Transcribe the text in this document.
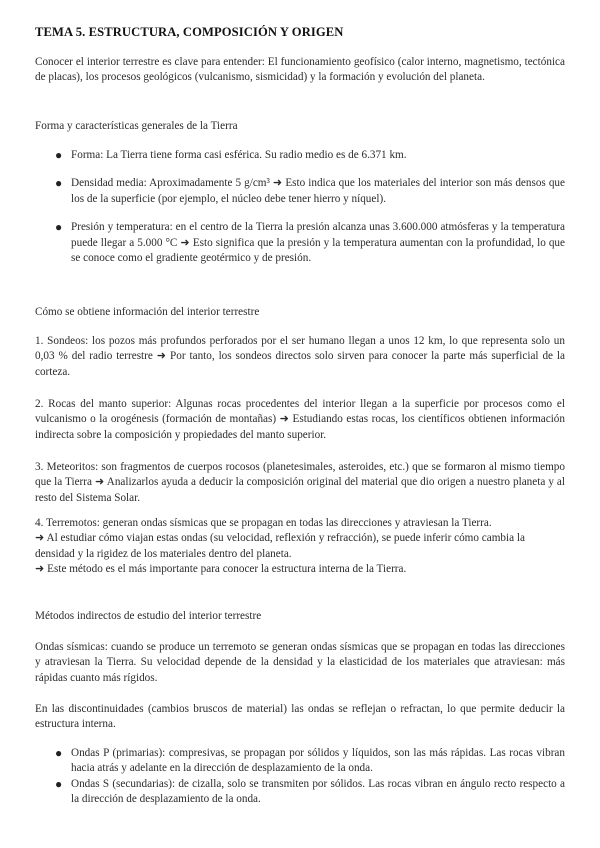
TEMA 5. ESTRUCTURA, COMPOSICIÓN Y ORIGEN

Conocer el interior terrestre es clave para entender: El funcionamiento geofísico (calor interno, magnetismo, tectónica de placas), los procesos geológicos (vulcanismo, sismicidad) y la formación y evolución del planeta.

Forma y características generales de la Tierra

● Forma: La Tierra tiene forma casi esférica. Su radio medio es de 6.371 km.
● Densidad media: Aproximadamente 5 g/cm³ ➜ Esto indica que los materiales del interior son más densos que los de la superficie (por ejemplo, el núcleo debe tener hierro y níquel).
● Presión y temperatura: en el centro de la Tierra la presión alcanza unas 3.600.000 atmósferas y la temperatura puede llegar a 5.000 °C ➜ Esto significa que la presión y la temperatura aumentan con la profundidad, lo que se conoce como el gradiente geotérmico y de presión.

Cómo se obtiene información del interior terrestre

1. Sondeos: los pozos más profundos perforados por el ser humano llegan a unos 12 km, lo que representa solo un 0,03 % del radio terrestre ➜ Por tanto, los sondeos directos solo sirven para conocer la parte más superficial de la corteza.

2. Rocas del manto superior: Algunas rocas procedentes del interior llegan a la superficie por procesos como el vulcanismo o la orogénesis (formación de montañas) ➜ Estudiando estas rocas, los científicos obtienen información indirecta sobre la composición y propiedades del manto superior.

3. Meteoritos: son fragmentos de cuerpos rocosos (planetesimales, asteroides, etc.) que se formaron al mismo tiempo que la Tierra ➜ Analizarlos ayuda a deducir la composición original del material que dio origen a nuestro planeta y al resto del Sistema Solar.

4. Terremotos: generan ondas sísmicas que se propagan en todas las direcciones y atraviesan la Tierra.
➜ Al estudiar cómo viajan estas ondas (su velocidad, reflexión y refracción), se puede inferir cómo cambia la densidad y la rigidez de los materiales dentro del planeta.
➜ Este método es el más importante para conocer la estructura interna de la Tierra.

Métodos indirectos de estudio del interior terrestre

Ondas sísmicas: cuando se produce un terremoto se generan ondas sísmicas que se propagan en todas las direcciones y atraviesan la Tierra. Su velocidad depende de la densidad y la elasticidad de los materiales que atraviesan: más rápidas cuanto más rígidos.

En las discontinuidades (cambios bruscos de material) las ondas se reflejan o refractan, lo que permite deducir la estructura interna.

● Ondas P (primarias): compresivas, se propagan por sólidos y líquidos, son las más rápidas. Las rocas vibran hacia atrás y adelante en la dirección de desplazamiento de la onda.
● Ondas S (secundarias): de cizalla, solo se transmiten por sólidos. Las rocas vibran en ángulo recto respecto a la dirección de desplazamiento de la onda.
